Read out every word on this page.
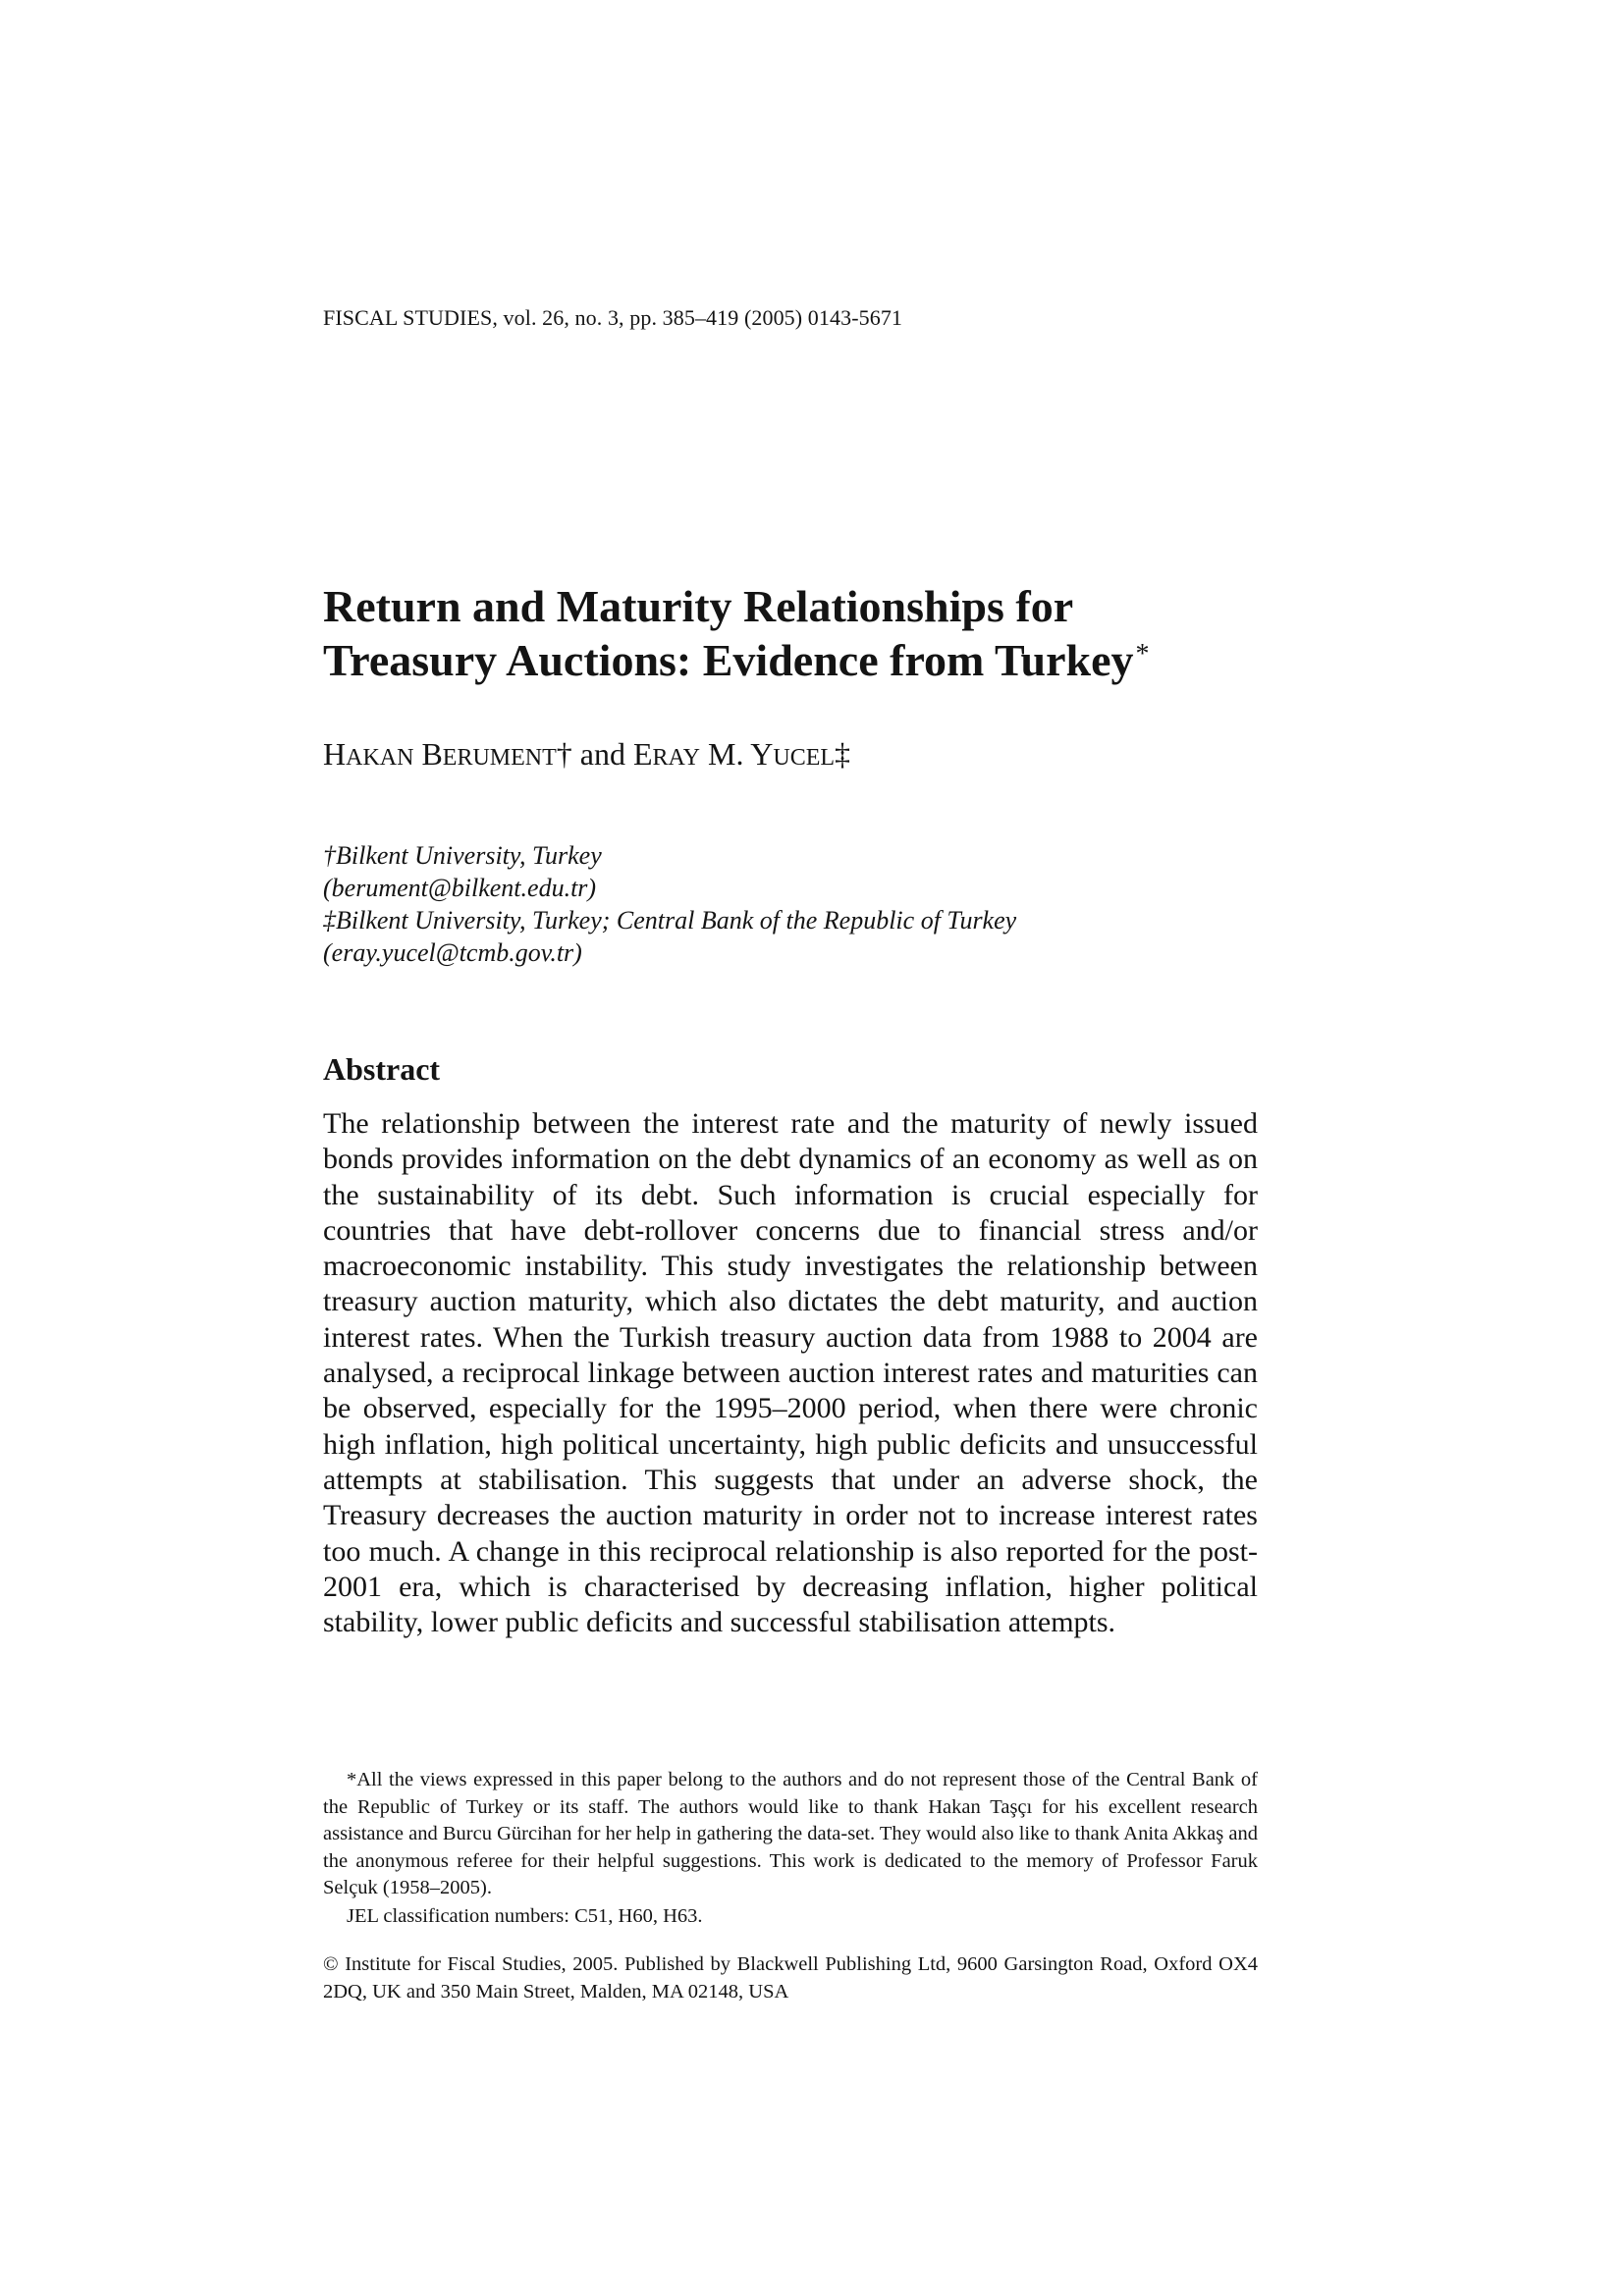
FISCAL STUDIES, vol. 26, no. 3, pp. 385–419 (2005) 0143-5671
Return and Maturity Relationships for
Treasury Auctions: Evidence from Turkey*
HAKAN BERUMENT† and ERAY M. YUCEL‡
†Bilkent University, Turkey
(berument@bilkent.edu.tr)
‡Bilkent University, Turkey; Central Bank of the Republic of Turkey
(eray.yucel@tcmb.gov.tr)
Abstract

The relationship between the interest rate and the maturity of newly issued bonds provides information on the debt dynamics of an economy as well as on the sustainability of its debt. Such information is crucial especially for countries that have debt-rollover concerns due to financial stress and/or macroeconomic instability. This study investigates the relationship between treasury auction maturity, which also dictates the debt maturity, and auction interest rates. When the Turkish treasury auction data from 1988 to 2004 are analysed, a reciprocal linkage between auction interest rates and maturities can be observed, especially for the 1995–2000 period, when there were chronic high inflation, high political uncertainty, high public deficits and unsuccessful attempts at stabilisation. This suggests that under an adverse shock, the Treasury decreases the auction maturity in order not to increase interest rates too much. A change in this reciprocal relationship is also reported for the post-2001 era, which is characterised by decreasing inflation, higher political stability, lower public deficits and successful stabilisation attempts.

*All the views expressed in this paper belong to the authors and do not represent those of the Central Bank of the Republic of Turkey or its staff. The authors would like to thank Hakan Taşçı for his excellent research assistance and Burcu Gürcihan for her help in gathering the data-set. They would also like to thank Anita Akkaş and the anonymous referee for their helpful suggestions. This work is dedicated to the memory of Professor Faruk Selçuk (1958–2005).

JEL classification numbers: C51, H60, H63.

© Institute for Fiscal Studies, 2005. Published by Blackwell Publishing Ltd, 9600 Garsington Road, Oxford OX4 2DQ, UK and 350 Main Street, Malden, MA 02148, USA
